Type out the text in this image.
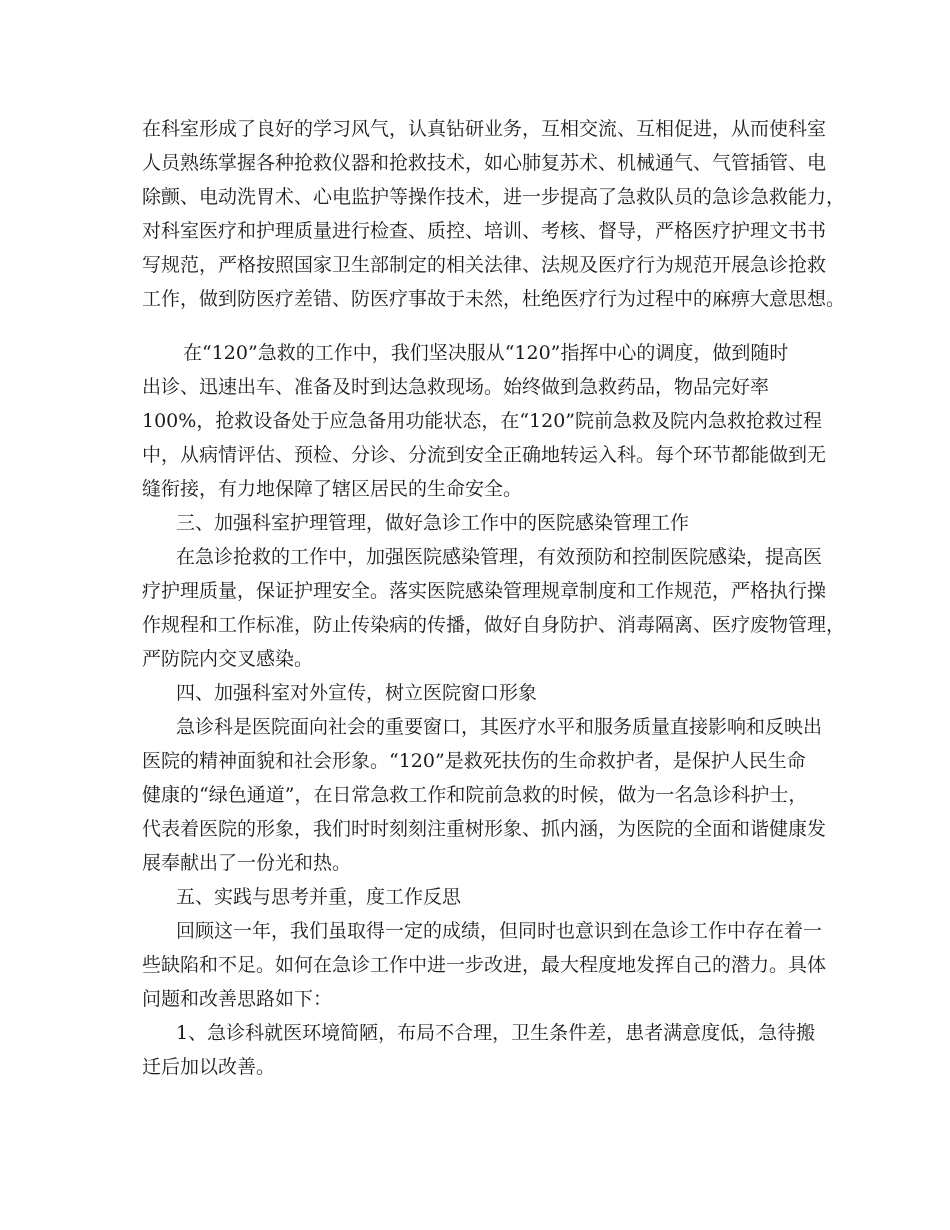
在科室形成了良好的学习风气，认真钻研业务，互相交流、互相促进，从而使科室

人员熟练掌握各种抢救仪器和抢救技术，如心肺复苏术、机械通气、气管插管、电

除颤、电动洗胃术、心电监护等操作技术，进一步提高了急救队员的急诊急救能力，

对科室医疗和护理质量进行检查、质控、培训、考核、督导，严格医疗护理文书书

写规范，严格按照国家卫生部制定的相关法律、法规及医疗行为规范开展急诊抢救

工作，做到防医疗差错、防医疗事故于未然，杜绝医疗行为过程中的麻痹大意思想。

在“120”急救的工作中，我们坚决服从“120”指挥中心的调度，做到随时

出诊、迅速出车、准备及时到达急救现场。始终做到急救药品，物品完好率

100%，抢救设备处于应急备用功能状态，在“120”院前急救及院内急救抢救过程

中，从病情评估、预检、分诊、分流到安全正确地转运入科。每个环节都能做到无

缝衔接，有力地保障了辖区居民的生命安全。

三、加强科室护理管理，做好急诊工作中的医院感染管理工作

在急诊抢救的工作中，加强医院感染管理，有效预防和控制医院感染，提高医

疗护理质量，保证护理安全。落实医院感染管理规章制度和工作规范，严格执行操

作规程和工作标准，防止传染病的传播，做好自身防护、消毒隔离、医疗废物管理，

严防院内交叉感染。

四、加强科室对外宣传，树立医院窗口形象

急诊科是医院面向社会的重要窗口，其医疗水平和服务质量直接影响和反映出

医院的精神面貌和社会形象。“120”是救死扶伤的生命救护者，是保护人民生命

健康的“绿色通道”，在日常急救工作和院前急救的时候，做为一名急诊科护士，

代表着医院的形象，我们时时刻刻注重树形象、抓内涵，为医院的全面和谐健康发

展奉献出了一份光和热。

五、实践与思考并重，度工作反思

回顾这一年，我们虽取得一定的成绩，但同时也意识到在急诊工作中存在着一

些缺陷和不足。如何在急诊工作中进一步改进，最大程度地发挥自己的潜力。具体

问题和改善思路如下：

1、急诊科就医环境简陋，布局不合理，卫生条件差，患者满意度低，急待搬

迁后加以改善。
